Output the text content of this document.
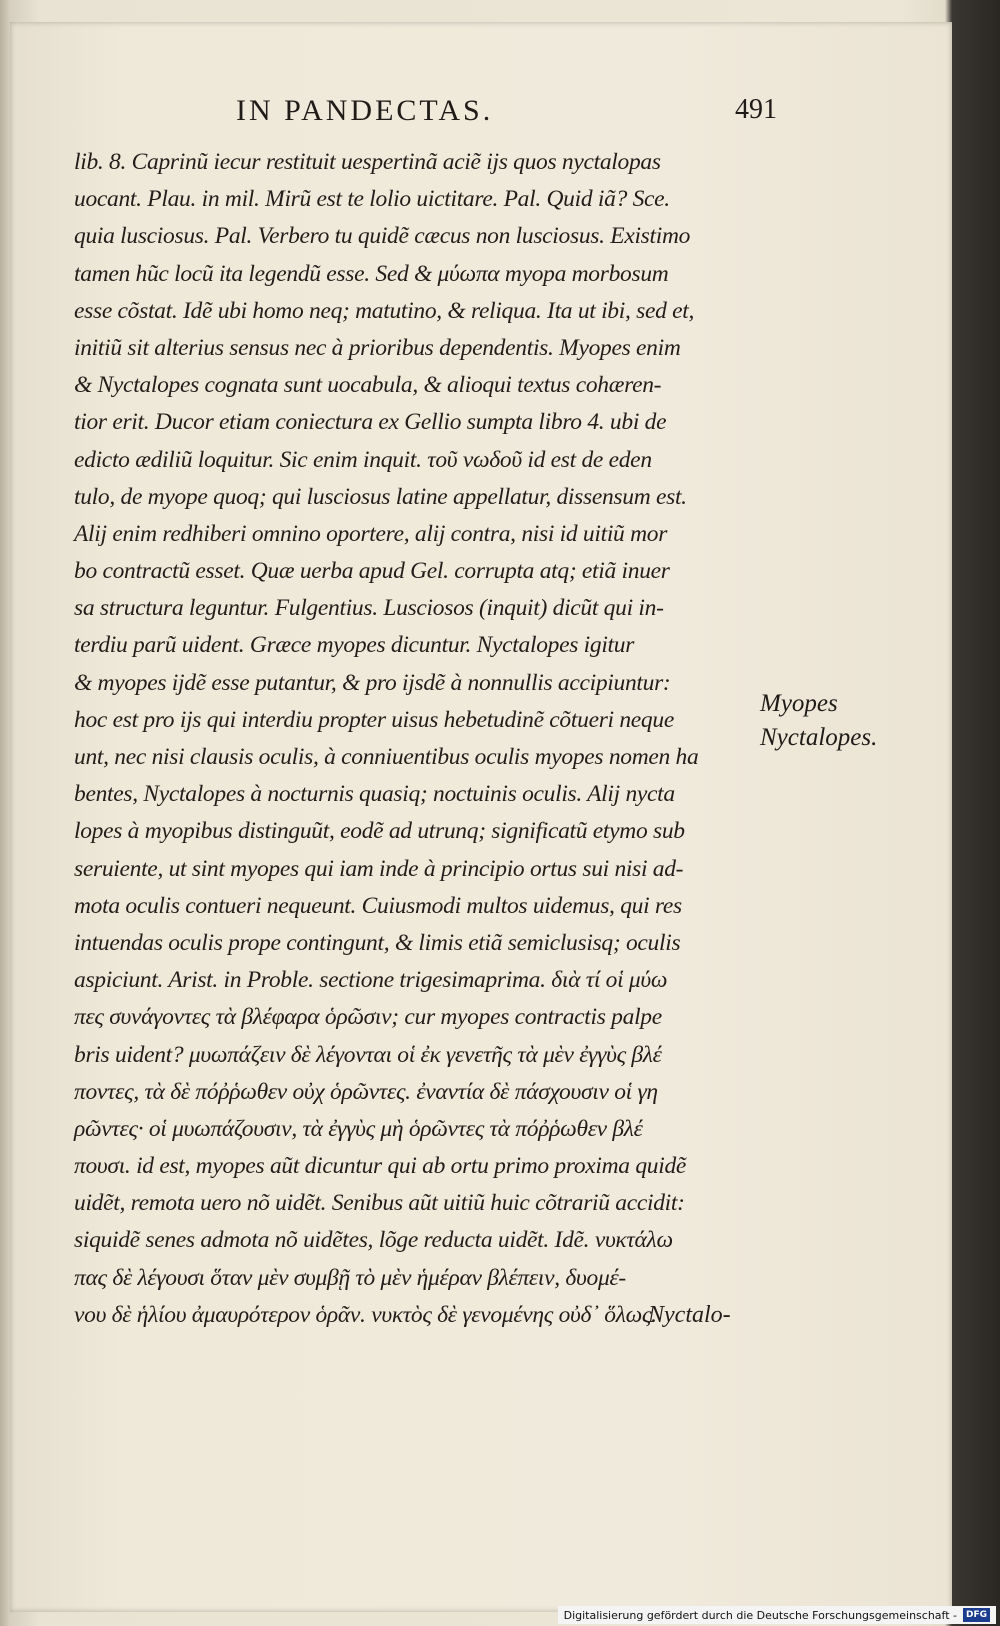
IN PANDECTAS.	491
lib. 8. Caprinũ iecur restituit uespertinã aciẽ ijs quos nyctalopas
uocant. Plau. in mil. Mirũ est te lolio uictitare. Pal. Quid iã? Sce.
quia lusciosus. Pal. Verbero tu quidẽ cæcus non lusciosus. Existimo
tamen hũc locũ ita legendũ esse. Sed & μύωπα myopa morbosum
esse cõstat. Idẽ ubi homo neq; matutino, & reliqua. Ita ut ibi, sed et,
initiũ sit alterius sensus nec à prioribus dependentis. Myopes enim
& Nyctalopes cognata sunt uocabula, & alioqui textus cohæren-
tior erit. Ducor etiam coniectura ex Gellio sumpta libro 4. ubi de
edicto ædiliũ loquitur. Sic enim inquit. τοῦ νωδοῦ id est de eden
tulo, de myope quoq; qui lusciosus latine appellatur, dissensum est.
Alij enim redhiberi omnino oportere, alij contra, nisi id uitiũ mor
bo contractũ esset. Quæ uerba apud Gel. corrupta atq; etiã inuer
sa structura leguntur. Fulgentius. Lusciosos (inquit) dicũt qui in-
terdiu parũ uident. Græce myopes dicuntur. Nyctalopes igitur
& myopes ijdẽ esse putantur, & pro ijsdẽ à nonnullis accipiuntur:
hoc est pro ijs qui interdiu propter uisus hebetudinẽ cõtueri neque
unt, nec nisi clausis oculis, à conniuentibus oculis myopes nomen ha
bentes, Nyctalopes à nocturnis quasiq; noctuinis oculis. Alij nycta
lopes à myopibus distinguũt, eodẽ ad utrunq; significatũ etymo sub
seruiente, ut sint myopes qui iam inde à principio ortus sui nisi ad-
mota oculis contueri nequeunt. Cuiusmodi multos uidemus, qui res
intuendas oculis prope contingunt, & limis etiã semiclusisq; oculis
aspiciunt. Arist. in Proble. sectione trigesimaprima. διὰ τί οἱ μύω
πες συνάγοντες τὰ βλέφαρα ὁρῶσιν; cur myopes contractis palpe
bris uident? μυωπάζειν δὲ λέγονται οἱ ἐκ γενετῆς τὰ μὲν ἐγγὺς βλέ
ποντες, τὰ δὲ πόῤῥωθεν οὐχ ὁρῶντες. ἐναντία δὲ πάσχουσιν οἱ γη
ρῶντες· οἱ μυωπάζουσιν, τὰ ἐγγὺς μὴ ὁρῶντες τὰ πόῤῥωθεν βλέ
πουσι. id est, myopes aũt dicuntur qui ab ortu primo proxima quidẽ
uidẽt, remota uero nõ uidẽt. Senibus aũt uitiũ huic cõtrariũ accidit:
siquidẽ senes admota nõ uidẽtes, lõge reducta uidẽt. Idẽ. νυκτάλω
πας δὲ λέγουσι ὅταν μὲν συμβῇ τὸ μὲν ἡμέραν βλέπειν, δυομέ-
νου δὲ ἡλίου ἀμαυρότερον ὁρᾶν. νυκτὸς δὲ γενομένης οὐδ᾽ ὅλως.
Myopes
Nyctalopes.
Nyctalo-
Digitalisierung gefördert durch die Deutsche Forschungsgemeinschaft -	DFG
